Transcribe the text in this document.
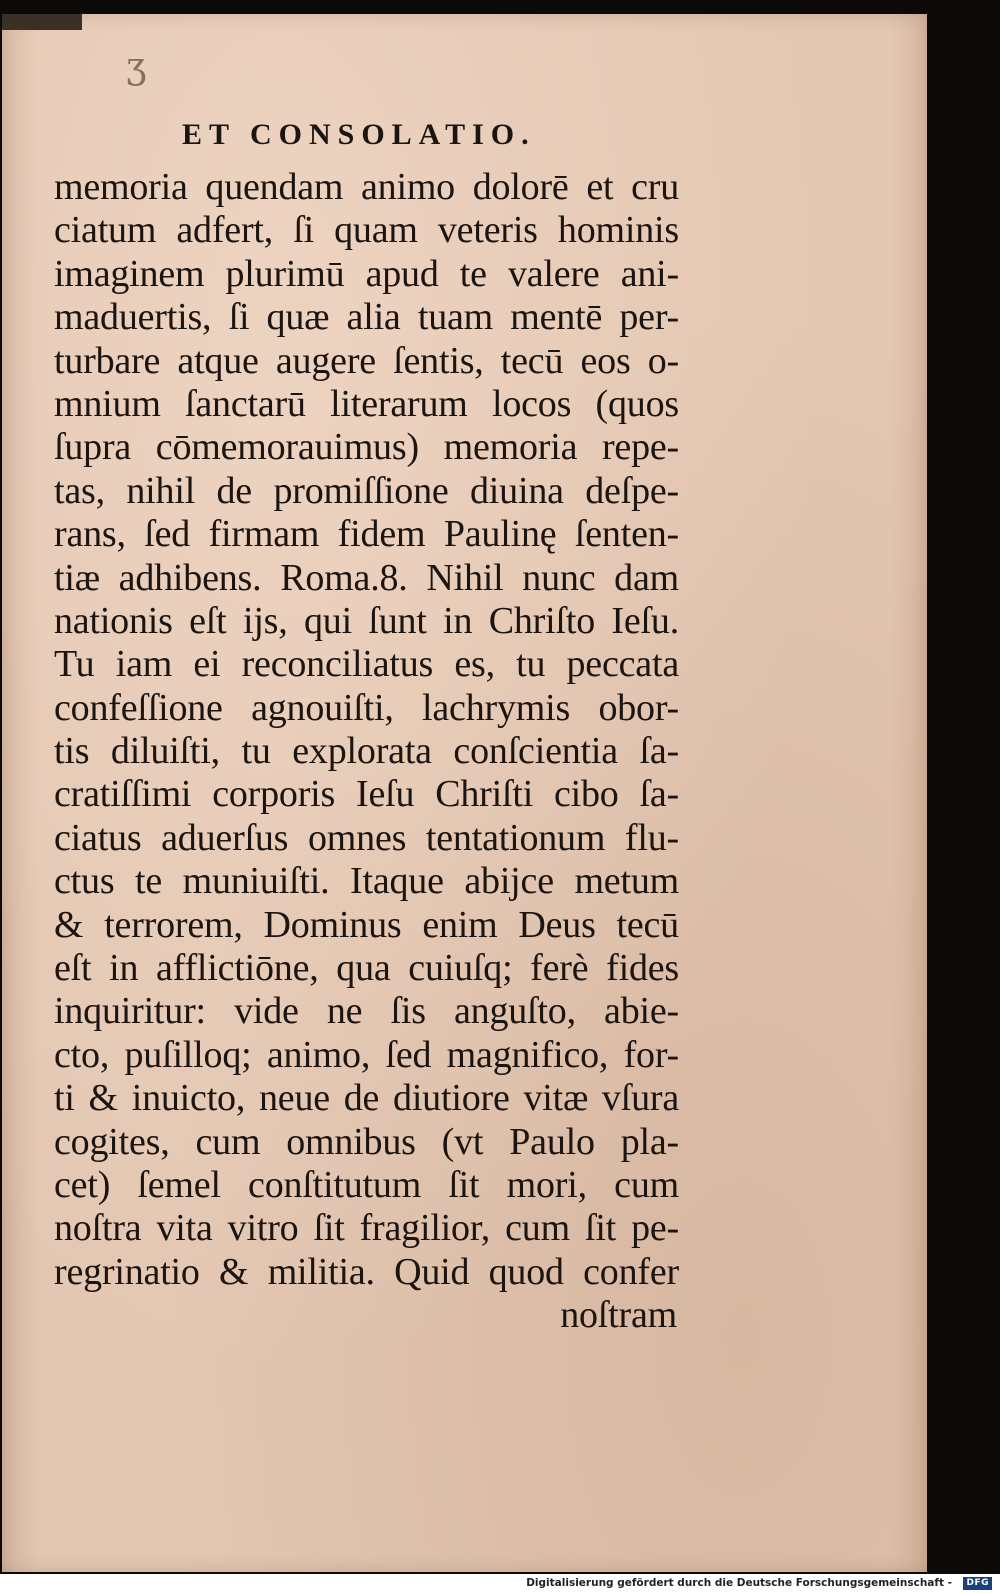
ʒ
ET CONSOLATIO.
memoria quendam animo dolorē et cru
ciatum adfert, ſi quam veteris hominis
imaginem plurimū apud te valere ani-
maduertis, ſi quæ alia tuam mentē per-
turbare atque augere ſentis, tecū eos o-
mnium ſanctarū literarum locos (quos
ſupra cōmemorauimus) memoria repe-
tas, nihil de promiſſione diuina deſpe-
rans, ſed firmam fidem Paulinę ſenten-
tiæ adhibens. Roma.8. Nihil nunc dam
nationis eſt ijs, qui ſunt in Chriſto Ieſu.
Tu iam ei reconciliatus es, tu peccata
confeſſione agnouiſti, lachrymis obor-
tis diluiſti, tu explorata conſcientia ſa-
cratiſſimi corporis Ieſu Chriſti cibo ſa-
ciatus aduerſus omnes tentationum flu-
ctus te muniuiſti. Itaque abijce metum
& terrorem, Dominus enim Deus tecū
eſt in afflictiōne, qua cuiuſq; ferè fides
inquiritur: vide ne ſis anguſto, abie-
cto, puſilloq; animo, ſed magnifico, for-
ti & inuicto, neue de diutiore vitæ vſura
cogites, cum omnibus (vt Paulo pla-
cet) ſemel conſtitutum ſit mori, cum
noſtra vita vitro ſit fragilior, cum ſit pe-
regrinatio & militia. Quid quod confer
noſtram
Digitalisierung gefördert durch die Deutsche Forschungsgemeinschaft -	DFG
